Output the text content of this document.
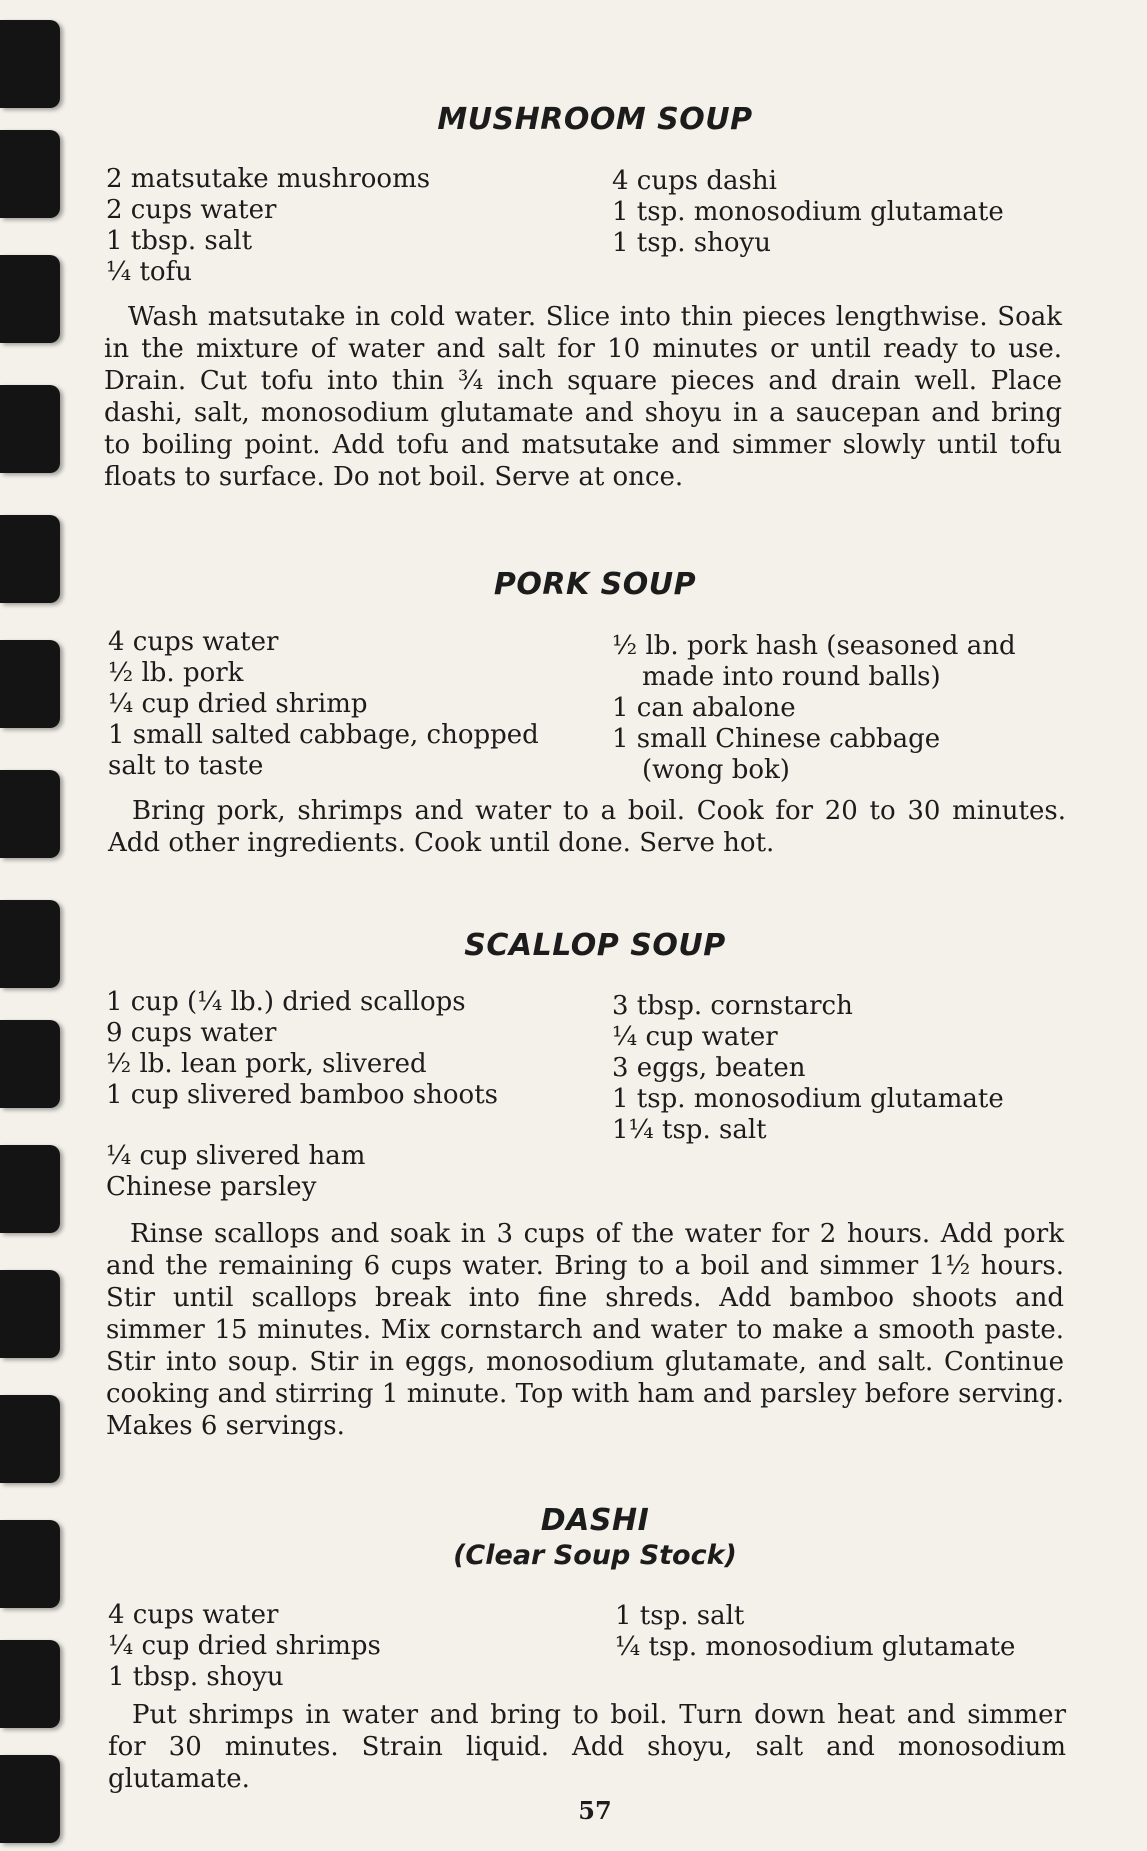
MUSHROOM SOUP
2 matsutake mushrooms
2 cups water
1 tbsp. salt
¼ tofu
4 cups dashi
1 tsp. monosodium glutamate
1 tsp. shoyu

Wash matsutake in cold water. Slice into thin pieces lengthwise. Soak in the mixture of water and salt for 10 minutes or until ready to use. Drain. Cut tofu into thin ¾ inch square pieces and drain well. Place dashi, salt, monosodium glutamate and shoyu in a saucepan and bring to boiling point. Add tofu and matsutake and simmer slowly until tofu floats to surface. Do not boil. Serve at once.

PORK SOUP
4 cups water
½ lb. pork
¼ cup dried shrimp
1 small salted cabbage, chopped
salt to taste
½ lb. pork hash (seasoned and
made into round balls)
1 can abalone
1 small Chinese cabbage
(wong bok)

Bring pork, shrimps and water to a boil. Cook for 20 to 30 minutes. Add other ingredients. Cook until done. Serve hot.

SCALLOP SOUP
1 cup (¼ lb.) dried scallops
9 cups water
½ lb. lean pork, slivered
1 cup slivered bamboo shoots
¼ cup slivered ham
Chinese parsley
3 tbsp. cornstarch
¼ cup water
3 eggs, beaten
1 tsp. monosodium glutamate
1¼ tsp. salt

Rinse scallops and soak in 3 cups of the water for 2 hours. Add pork and the remaining 6 cups water. Bring to a boil and simmer 1½ hours. Stir until scallops break into fine shreds. Add bamboo shoots and simmer 15 minutes. Mix cornstarch and water to make a smooth paste. Stir into soup. Stir in eggs, monosodium glutamate, and salt. Continue cooking and stirring 1 minute. Top with ham and parsley before serving. Makes 6 servings.

DASHI
(Clear Soup Stock)
4 cups water
¼ cup dried shrimps
1 tbsp. shoyu
1 tsp. salt
¼ tsp. monosodium glutamate

Put shrimps in water and bring to boil. Turn down heat and simmer for 30 minutes. Strain liquid. Add shoyu, salt and monosodium glutamate.

57
